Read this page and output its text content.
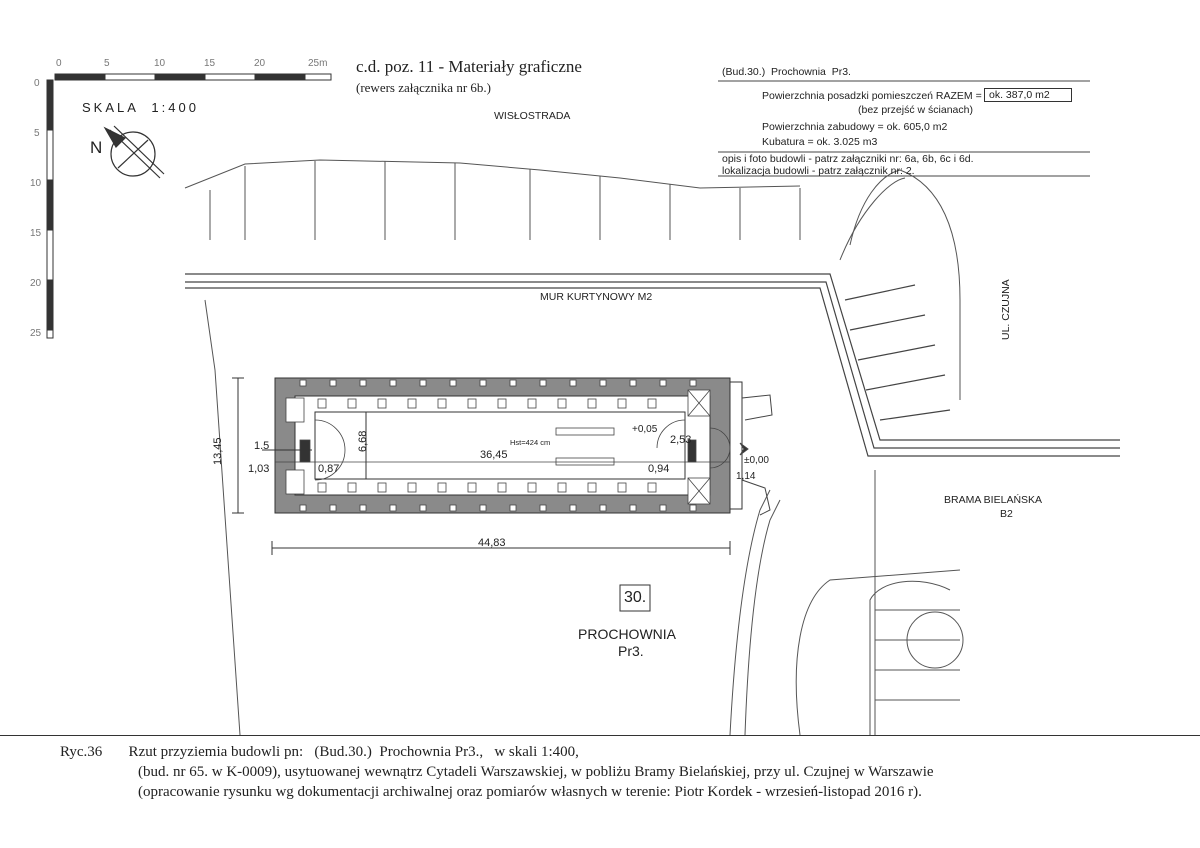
0	5	10	15	20	25m
0
5
10
15
20
25
SKALA  1:400
N
c.d. poz. 11 - Materiały graficzne
(rewers załącznika nr 6b.)
(Bud.30.)  Prochownia  Pr3.
Powierzchnia posadzki pomieszczeń RAZEM = ok. 387,0 m2
(bez przejść w ścianach)
Powierzchnia zabudowy = ok. 605,0 m2
Kubatura = ok. 3.025 m3
opis i foto budowli - patrz załączniki nr: 6a, 6b, 6c i 6d.
lokalizacja budowli - patrz załącznik nr: 2.
WISŁOSTRADA
MUR KURTYNOWY M2	UL. CZUJNA
BRAMA BIELAŃSKA
B2
30.
PROCHOWNIA
Pr3.
13,45	1.5
1,03	0,87
6,68
36,45
Hst=424 cm
+0,05
2,53
0,94
±0,00
1,14
44,83
Ryc.36       Rzut przyziemia budowli pn:   (Bud.30.)  Prochownia Pr3.,   w skali 1:400,
(bud. nr 65. w K-0009), usytuowanej wewnątrz Cytadeli Warszawskiej, w pobliżu Bramy Bielańskiej, przy ul. Czujnej w Warszawie
(opracowanie rysunku wg dokumentacji archiwalnej oraz pomiarów własnych w terenie: Piotr Kordek - wrzesień-listopad 2016 r).
